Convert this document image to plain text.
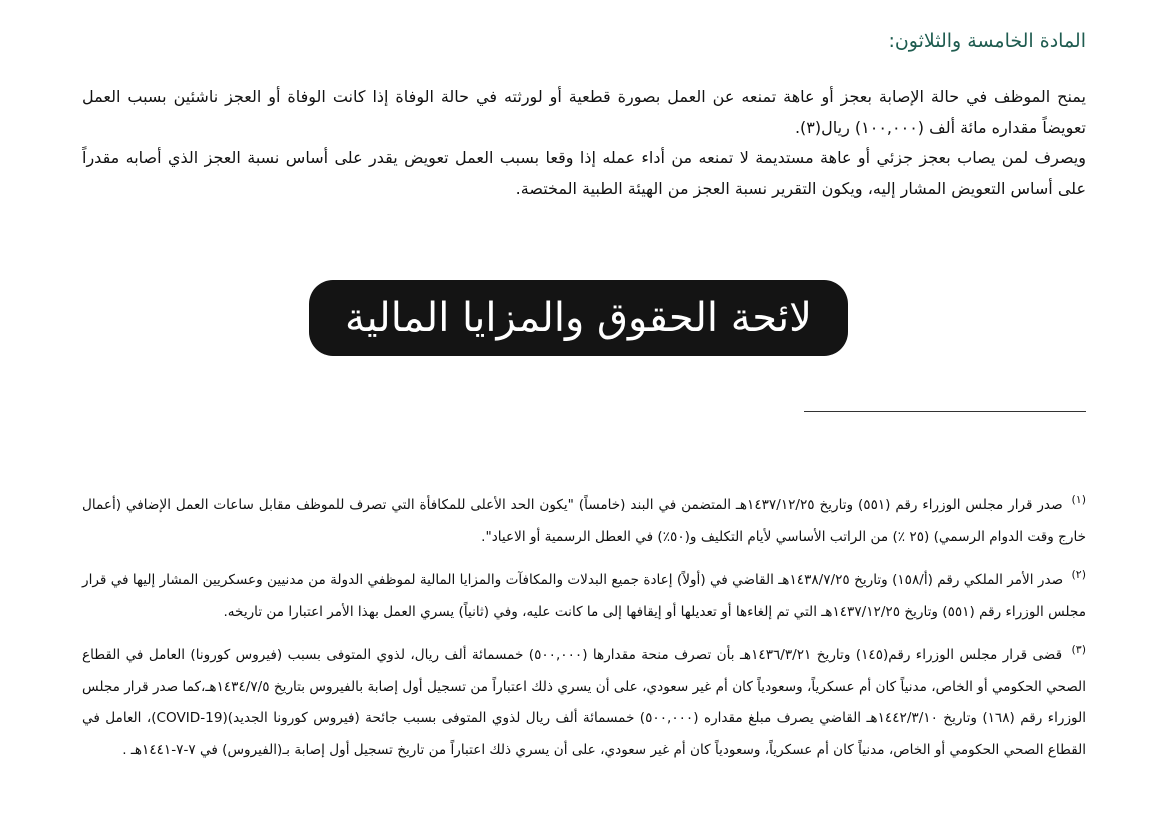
المادة الخامسة والثلاثون:

يمنح الموظف في حالة الإصابة بعجز أو عاهة تمنعه عن العمل بصورة قطعية أو لورثته في حالة الوفاة إذا كانت الوفاة أو العجز ناشئين بسبب العمل تعويضاً مقداره مائة ألف (١٠٠,٠٠٠) ريال(٣).

ويصرف لمن يصاب بعجز جزئي أو عاهة مستديمة لا تمنعه من أداء عمله إذا وقعا بسبب العمل تعويض يقدر على أساس نسبة العجز الذي أصابه مقدراً على أساس التعويض المشار إليه، ويكون التقرير نسبة العجز من الهيئة الطبية المختصة.

لائحة الحقوق والمزايا المالية

$^{(١)}$ صدر قرار مجلس الوزراء رقم (٥٥١) وتاريخ ١٤٣٧/١٢/٢٥هـ المتضمن في البند (خامساً) "يكون الحد الأعلى للمكافأة التي تصرف للموظف مقابل ساعات العمل الإضافي (أعمال خارج وقت الدوام الرسمي) (٢٥ ٪) من الراتب الأساسي لأيام التكليف و(٥٠٪) في العطل الرسمية أو الاعياد".

$^{(٢)}$ صدر الأمر الملكي رقم (أ/١٥٨) وتاريخ ١٤٣٨/٧/٢٥هـ القاضي في (أولاً) إعادة جميع البدلات والمكافآت والمزايا المالية لموظفي الدولة من مدنيين وعسكريين المشار إليها في قرار مجلس الوزراء رقم (٥٥١) وتاريخ ١٤٣٧/١٢/٢٥هـ التي تم إلغاءها أو تعديلها أو إيقافها إلى ما كانت عليه، وفي (ثانياً) يسري العمل بهذا الأمر اعتبارا من تاريخه.

$^{(٣)}$ قضى قرار مجلس الوزراء رقم(١٤٥) وتاريخ ١٤٣٦/٣/٢١هـ بأن تصرف منحة مقدارها (٥٠٠,٠٠٠) خمسمائة ألف ريال، لذوي المتوفى بسبب (فيروس كورونا) العامل في القطاع الصحي الحكومي أو الخاص، مدنياً كان أم عسكرياً، وسعودياً كان أم غير سعودي، على أن يسري ذلك اعتباراً من تسجيل أول إصابة بالفيروس بتاريخ ١٤٣٤/٧/٥هـ،كما صدر قرار مجلس الوزراء رقم (١٦٨) وتاريخ ١٤٤٢/٣/١٠هـ القاضي يصرف مبلغ مقداره (٥٠٠,٠٠٠) خمسمائة ألف ريال لذوي المتوفى بسبب جائحة (فيروس كورونا الجديد)(COVID-19)، العامل في القطاع الصحي الحكومي أو الخاص، مدنياً كان أم عسكرياً، وسعودياً كان أم غير سعودي، على أن يسري ذلك اعتباراً من تاريخ تسجيل أول إصابة بـ(الفيروس) في ٧-٧-١٤٤١هـ .
